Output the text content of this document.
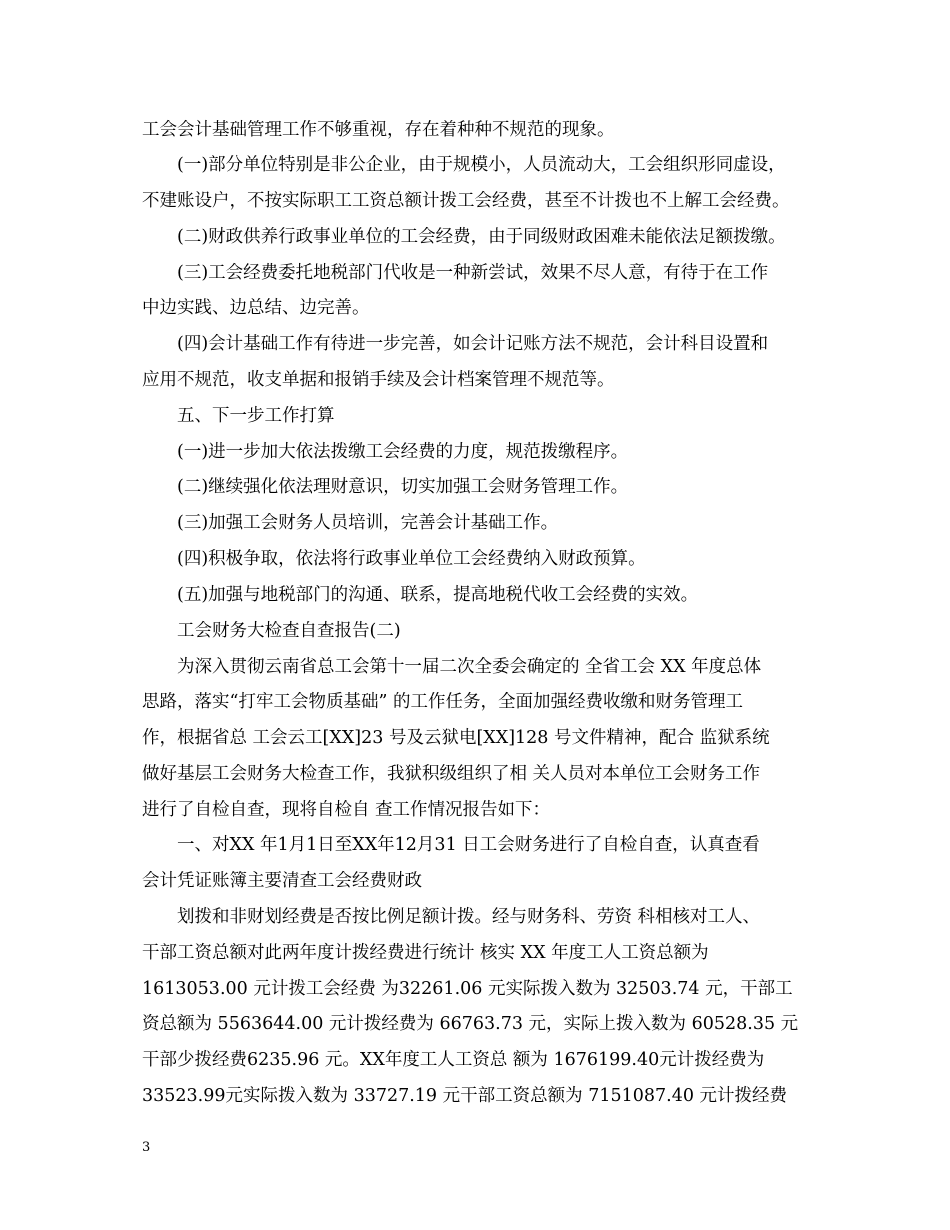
工会会计基础管理工作不够重视，存在着种种不规范的现象。
(一)部分单位特别是非公企业，由于规模小，人员流动大，工会组织形同虚设，
不建账设户，不按实际职工工资总额计拨工会经费，甚至不计拨也不上解工会经费。
(二)财政供养行政事业单位的工会经费，由于同级财政困难未能依法足额拨缴。
(三)工会经费委托地税部门代收是一种新尝试，效果不尽人意，有待于在工作
中边实践、边总结、边完善。
(四)会计基础工作有待进一步完善，如会计记账方法不规范，会计科目设置和
应用不规范，收支单据和报销手续及会计档案管理不规范等。
五、下一步工作打算
(一)进一步加大依法拨缴工会经费的力度，规范拨缴程序。
(二)继续强化依法理财意识，切实加强工会财务管理工作。
(三)加强工会财务人员培训，完善会计基础工作。
(四)积极争取，依法将行政事业单位工会经费纳入财政预算。
(五)加强与地税部门的沟通、联系，提高地税代收工会经费的实效。
工会财务大检查自查报告(二)
为深入贯彻云南省总工会第十一届二次全委会确定的 全省工会 XX 年度总体
思路，落实“打牢工会物质基础” 的工作任务，全面加强经费收缴和财务管理工
作，根据省总 工会云工[XX]23 号及云狱电[XX]128 号文件精神，配合 监狱系统
做好基层工会财务大检查工作，我狱积级组织了相 关人员对本单位工会财务工作
进行了自检自查，现将自检自 查工作情况报告如下：
一、对XX 年1月1日至XX年12月31 日工会财务进行了自检自查，认真查看
会计凭证账簿主要清查工会经费财政
划拨和非财划经费是否按比例足额计拨。经与财务科、劳资 科相核对工人、
干部工资总额对此两年度计拨经费进行统计 核实 XX 年度工人工资总额为
1613053.00 元计拨工会经费 为32261.06 元实际拨入数为 32503.74 元，干部工
资总额为 5563644.00 元计拨经费为 66763.73 元，实际上拨入数为 60528.35 元
干部少拨经费6235.96 元。XX年度工人工资总 额为 1676199.40元计拨经费为
33523.99元实际拨入数为 33727.19 元干部工资总额为 7151087.40 元计拨经费
3
